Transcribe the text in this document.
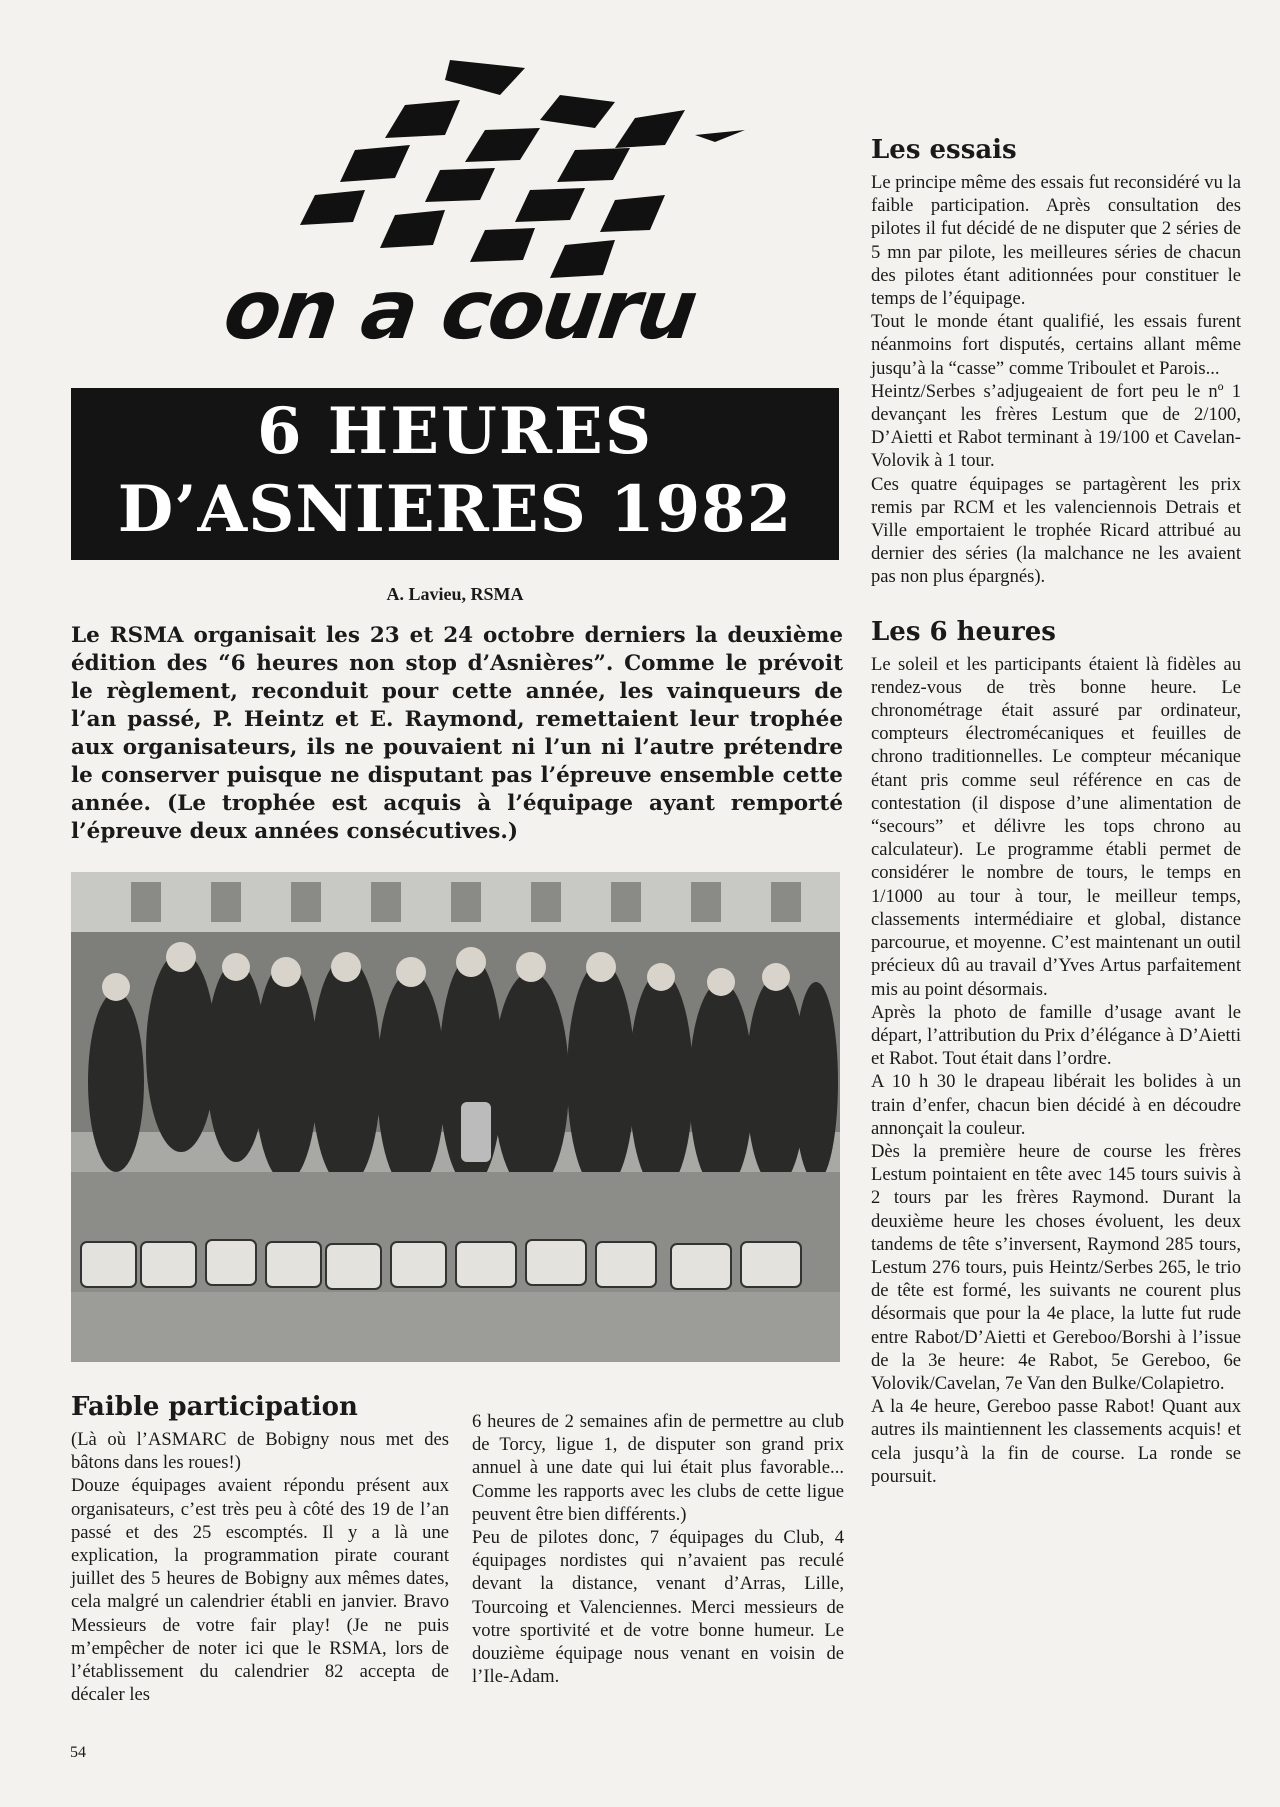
on a couru
6 HEURES
D’ASNIERES 1982
A. Lavieu, RSMA
Le RSMA organisait les 23 et 24 octobre derniers la deuxième édition des “6 heures non stop d’Asnières”. Comme le prévoit le règlement, reconduit pour cette année, les vainqueurs de l’an passé, P. Heintz et E. Raymond, remettaient leur trophée aux organisateurs, ils ne pouvaient ni l’un ni l’autre prétendre le conserver puisque ne disputant pas l’épreuve ensemble cette année. (Le trophée est acquis à l’équipage ayant remporté l’épreuve deux années consécutives.)
Faible participation

(Là où l’ASMARC de Bobigny nous met des bâtons dans les roues!)

Douze équipages avaient répondu présent aux organisateurs, c’est très peu à côté des 19 de l’an passé et des 25 escomptés. Il y a là une explication, la programmation pirate courant juillet des 5 heures de Bobigny aux mêmes dates, cela malgré un calendrier établi en janvier. Bravo Messieurs de votre fair play! (Je ne puis m’empêcher de noter ici que le RSMA, lors de l’établissement du calendrier 82 accepta de décaler les

6 heures de 2 semaines afin de permettre au club de Torcy, ligue 1, de disputer son grand prix annuel à une date qui lui était plus favorable... Comme les rapports avec les clubs de cette ligue peuvent être bien différents.)

Peu de pilotes donc, 7 équipages du Club, 4 équipages nordistes qui n’avaient pas reculé devant la distance, venant d’Arras, Lille, Tourcoing et Valenciennes. Merci messieurs de votre sportivité et de votre bonne humeur. Le douzième équipage nous venant en voisin de l’Ile-Adam.

Les essais

Le principe même des essais fut reconsidéré vu la faible participation. Après consultation des pilotes il fut décidé de ne disputer que 2 séries de 5 mn par pilote, les meilleures séries de chacun des pilotes étant aditionnées pour constituer le temps de l’équipage.

Tout le monde étant qualifié, les essais furent néanmoins fort disputés, certains allant même jusqu’à la “casse” comme Triboulet et Parois...

Heintz/Serbes s’adjugeaient de fort peu le nº 1 devançant les frères Lestum que de 2/100, D’Aietti et Rabot terminant à 19/100 et Cavelan-Volovik à 1 tour.

Ces quatre équipages se partagèrent les prix remis par RCM et les valenciennois Detrais et Ville emportaient le trophée Ricard attribué au dernier des séries (la malchance ne les avaient pas non plus épargnés).

Les 6 heures

Le soleil et les participants étaient là fidèles au rendez-vous de très bonne heure. Le chronométrage était assuré par ordinateur, compteurs électromécaniques et feuilles de chrono traditionnelles. Le compteur mécanique étant pris comme seul référence en cas de contestation (il dispose d’une alimentation de “secours” et délivre les tops chrono au calculateur). Le programme établi permet de considérer le nombre de tours, le temps en 1/1000 au tour à tour, le meilleur temps, classements intermédiaire et global, distance parcourue, et moyenne. C’est maintenant un outil précieux dû au travail d’Yves Artus parfaitement mis au point désormais.

Après la photo de famille d’usage avant le départ, l’attribution du Prix d’élégance à D’Aietti et Rabot. Tout était dans l’ordre.

A 10 h 30 le drapeau libérait les bolides à un train d’enfer, chacun bien décidé à en découdre annonçait la couleur.

Dès la première heure de course les frères Lestum pointaient en tête avec 145 tours suivis à 2 tours par les frères Raymond. Durant la deuxième heure les choses évoluent, les deux tandems de tête s’inversent, Raymond 285 tours, Lestum 276 tours, puis Heintz/Serbes 265, le trio de tête est formé, les suivants ne courent plus désormais que pour la 4e place, la lutte fut rude entre Rabot/D’Aietti et Gereboo/Borshi à l’issue de la 3e heure: 4e Rabot, 5e Gereboo, 6e Volovik/Cavelan, 7e Van den Bulke/Colapietro.

A la 4e heure, Gereboo passe Rabot! Quant aux autres ils maintiennent les classements acquis! et cela jusqu’à la fin de course. La ronde se poursuit.

54
